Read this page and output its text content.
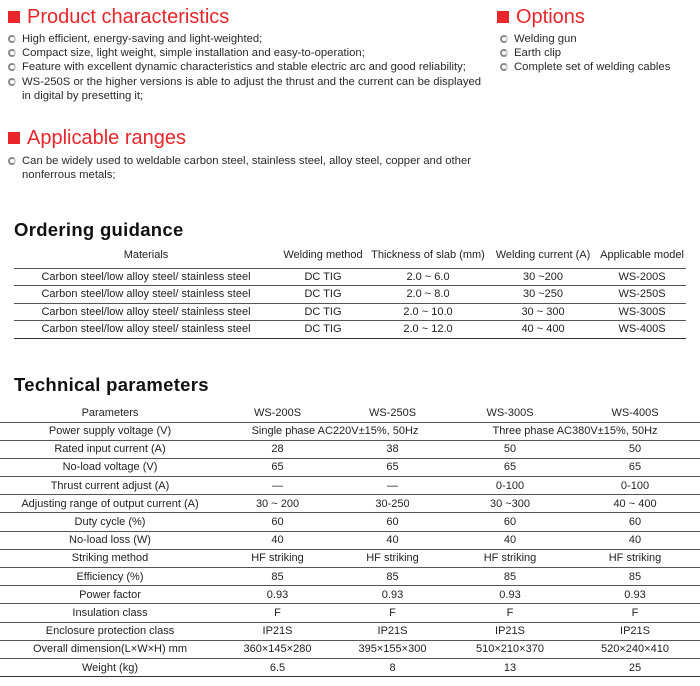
Product characteristics
High efficient, energy-saving and light-weighted;
Compact size, light weight, simple installation and easy-to-operation;
Feature with excellent dynamic characteristics and stable electric arc and good reliability;
WS-250S or the higher versions is able to adjust the thrust and the current can be displayed in digital by presetting it;
Options
Welding gun
Earth clip
Complete set of welding cables
Applicable ranges
Can be widely used to weldable carbon steel, stainless steel, alloy steel, copper and other nonferrous metals;
Ordering guidance
Materials	Welding method	Thickness of slab (mm)	Welding current (A)	Applicable model
Carbon steel/low alloy steel/ stainless steel	DC TIG	2.0 ~ 6.0	30 ~200	WS-200S
Carbon steel/low alloy steel/ stainless steel	DC TIG	2.0 ~ 8.0	30 ~250	WS-250S
Carbon steel/low alloy steel/ stainless steel	DC TIG	2.0 ~ 10.0	30 ~ 300	WS-300S
Carbon steel/low alloy steel/ stainless steel	DC TIG	2.0 ~ 12.0	40 ~ 400	WS-400S
Technical parameters
Parameters	WS-200S	WS-250S	WS-300S	WS-400S
Power supply voltage (V)	Single phase AC220V±15%, 50Hz		Three phase AC380V±15%, 50Hz	
Rated input current (A)	28	38	50	50
No-load voltage (V)	65	65	65	65
Thrust current adjust (A)	—	—	0-100	0-100
Adjusting range of output current (A)	30 ~ 200	30-250	30 ~300	40 ~ 400
Duty cycle (%)	60	60	60	60
No-load loss (W)	40	40	40	40
Striking method	HF striking	HF striking	HF striking	HF striking
Efficiency (%)	85	85	85	85
Power factor	0.93	0.93	0.93	0.93
Insulation class	F	F	F	F
Enclosure protection class	IP21S	IP21S	IP21S	IP21S
Overall dimension(L×W×H) mm	360×145×280	395×155×300	510×210×370	520×240×410
Weight (kg)	6.5	8	13	25
